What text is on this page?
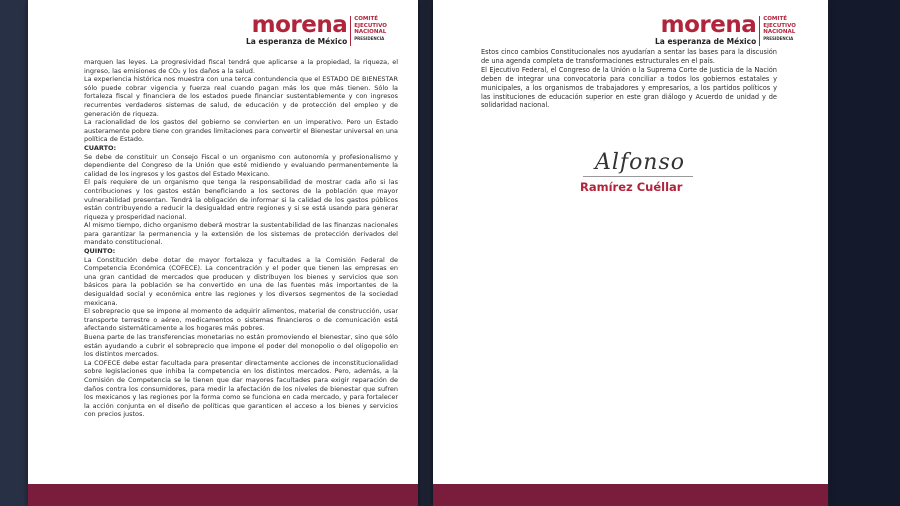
morena
La esperanza de México
COMITÉ
EJECUTIVO
NACIONAL
PRESIDENCIA

marquen las leyes. La progresividad fiscal tendrá que aplicarse a la propiedad, la riqueza, el ingreso, las emisiones de CO₂ y los daños a la salud.

La experiencia histórica nos muestra con una terca contundencia que el ESTADO DE BIENESTAR sólo puede cobrar vigencia y fuerza real cuando pagan más los que más tienen. Sólo la fortaleza fiscal y financiera de los estados puede financiar sustentablemente y con ingresos recurrentes verdaderos sistemas de salud, de educación y de protección del empleo y de generación de riqueza.

La racionalidad de los gastos del gobierno se convierten en un imperativo. Pero un Estado austeramente pobre tiene con grandes limitaciones para convertir el Bienestar universal en una política de Estado.

CUARTO:

Se debe de constituir un Consejo Fiscal o un organismo con autonomía y profesionalismo y dependiente del Congreso de la Unión que esté midiendo y evaluando permanentemente la calidad de los ingresos y los gastos del Estado Mexicano.

El país requiere de un organismo que tenga la responsabilidad de mostrar cada año si las contribuciones y los gastos están beneficiando a los sectores de la población que mayor vulnerabilidad presentan. Tendrá la obligación de informar si la calidad de los gastos públicos están contribuyendo a reducir la desigualdad entre regiones y si se está usando para generar riqueza y prosperidad nacional.

Al mismo tiempo, dicho organismo deberá mostrar la sustentabilidad de las finanzas nacionales para garantizar la permanencia y la extensión de los sistemas de protección derivados del mandato constitucional.

QUINTO:

La Constitución debe dotar de mayor fortaleza y facultades a la Comisión Federal de Competencia Económica (COFECE). La concentración y el poder que tienen las empresas en una gran cantidad de mercados que producen y distribuyen los bienes y servicios que son básicos para la población se ha convertido en una de las fuentes más importantes de la desigualdad social y económica entre las regiones y los diversos segmentos de la sociedad mexicana.

El sobreprecio que se impone al momento de adquirir alimentos, material de construcción, usar transporte terrestre o aéreo, medicamentos o sistemas financieros o de comunicación está afectando sistemáticamente a los hogares más pobres.

Buena parte de las transferencias monetarias no están promoviendo el bienestar, sino que sólo están ayudando a cubrir el sobreprecio que impone el poder del monopolio o del oligopolio en los distintos mercados.

La COFECE debe estar facultada para presentar directamente acciones de inconstitucionalidad sobre legislaciones que inhiba la competencia en los distintos mercados. Pero, además, a la Comisión de Competencia se le tienen que dar mayores facultades para exigir reparación de daños contra los consumidores, para medir la afectación de los niveles de bienestar que sufren los mexicanos y las regiones por la forma como se funciona en cada mercado, y para fortalecer la acción conjunta en el diseño de políticas que garanticen el acceso a los bienes y servicios con precios justos.

morena
La esperanza de México
COMITÉ
EJECUTIVO
NACIONAL
PRESIDENCIA

Estos cinco cambios Constitucionales nos ayudarían a sentar las bases para la discusión de una agenda completa de transformaciones estructurales en el país.

El Ejecutivo Federal, el Congreso de la Unión o la Suprema Corte de Justicia de la Nación deben de integrar una convocatoria para conciliar a todos los gobiernos estatales y municipales, a los organismos de trabajadores y empresarios, a los partidos políticos y las instituciones de educación superior en este gran diálogo y Acuerdo de unidad y de solidaridad nacional.

Alfonso
Ramírez Cuéllar
